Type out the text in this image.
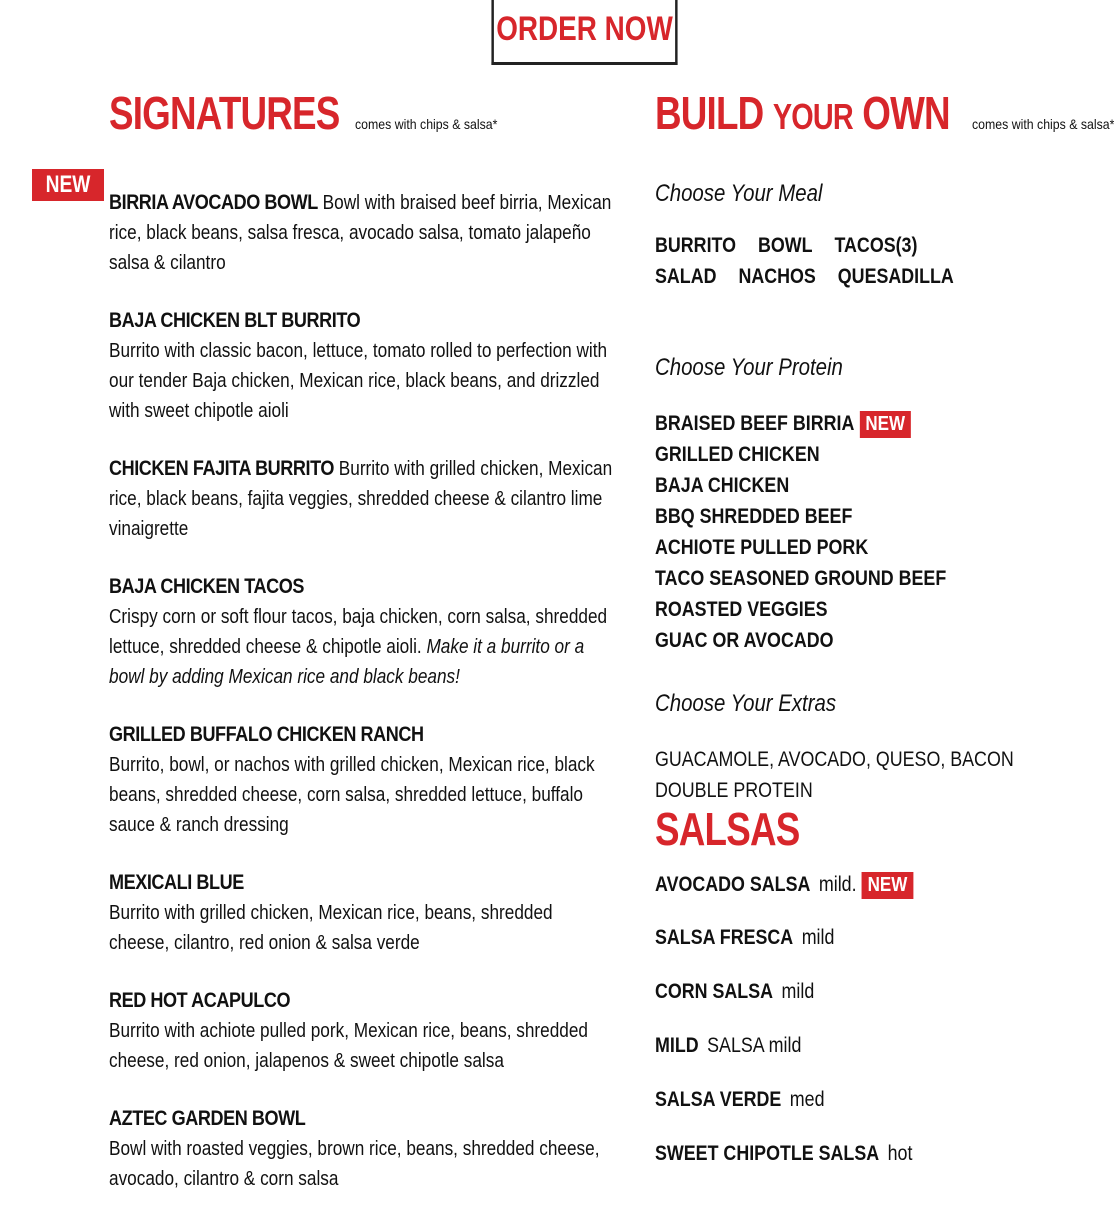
ORDER NOW
NEW
SIGNATURES comes with chips & salsa*
BIRRIA AVOCADO BOWL Bowl with braised beef birria, Mexican rice, black beans, salsa fresca, avocado salsa, tomato jalapeño salsa & cilantro
BAJA CHICKEN BLT BURRITO
Burrito with classic bacon, lettuce, tomato rolled to perfection with our tender Baja chicken, Mexican rice, black beans, and drizzled with sweet chipotle aioli
CHICKEN FAJITA BURRITO Burrito with grilled chicken, Mexican rice, black beans, fajita veggies, shredded cheese & cilantro lime vinaigrette
BAJA CHICKEN TACOS
Crispy corn or soft flour tacos, baja chicken, corn salsa, shredded lettuce, shredded cheese & chipotle aioli. Make it a burrito or a bowl by adding Mexican rice and black beans!
GRILLED BUFFALO CHICKEN RANCH
Burrito, bowl, or nachos with grilled chicken, Mexican rice, black beans, shredded cheese, corn salsa, shredded lettuce, buffalo sauce & ranch dressing
MEXICALI BLUE
Burrito with grilled chicken, Mexican rice, beans, shredded cheese, cilantro, red onion & salsa verde
RED HOT ACAPULCO
Burrito with achiote pulled pork, Mexican rice, beans, shredded cheese, red onion, jalapenos & sweet chipotle salsa
AZTEC GARDEN BOWL
Bowl with roasted veggies, brown rice, beans, shredded cheese, avocado, cilantro & corn salsa
BUILD YOUR OWN comes with chips & salsa*
Choose Your Meal
BURRITO BOWL TACOS(3)
SALAD NACHOS QUESADILLA
Choose Your Protein
BRAISED BEEF BIRRIA NEW
GRILLED CHICKEN
BAJA CHICKEN
BBQ SHREDDED BEEF
ACHIOTE PULLED PORK
TACO SEASONED GROUND BEEF
ROASTED VEGGIES
GUAC OR AVOCADO
Choose Your Extras
GUACAMOLE, AVOCADO, QUESO, BACON
DOUBLE PROTEIN
SALSAS
AVOCADO SALSA mild. NEW
SALSA FRESCA mild
CORN SALSA mild
MILD SALSA mild
SALSA VERDE med
SWEET CHIPOTLE SALSA hot
